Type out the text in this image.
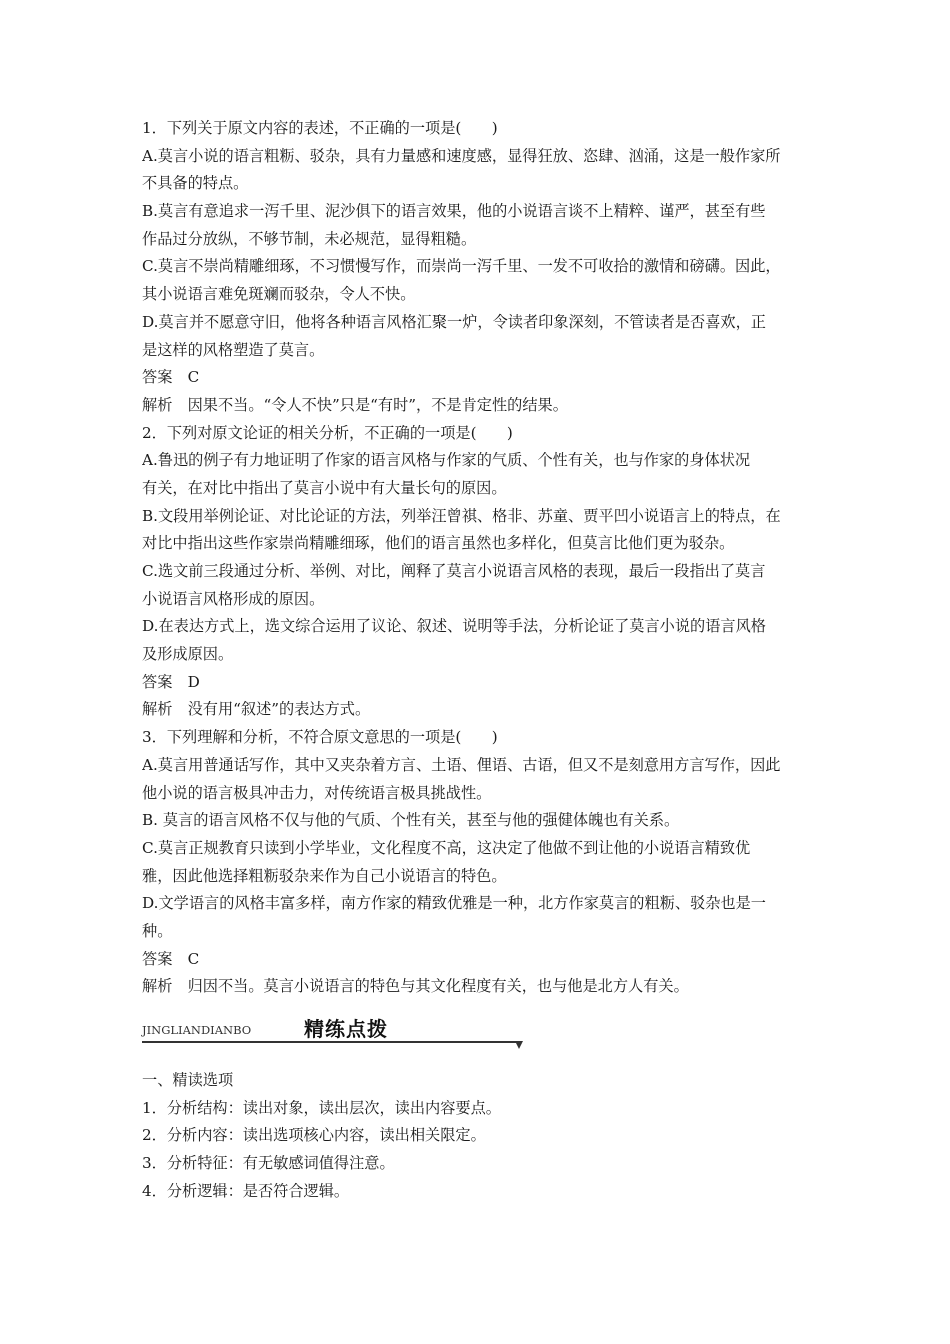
1．下列关于原文内容的表述，不正确的一项是(　　)
A.莫言小说的语言粗粝、驳杂，具有力量感和速度感，显得狂放、恣肆、汹涌，这是一般作家所
不具备的特点。
B.莫言有意追求一泻千里、泥沙俱下的语言效果，他的小说语言谈不上精粹、谨严，甚至有些
作品过分放纵，不够节制，未必规范，显得粗糙。
C.莫言不崇尚精雕细琢，不习惯慢写作，而崇尚一泻千里、一发不可收拾的激情和磅礴。因此，
其小说语言难免斑斓而驳杂，令人不快。
D.莫言并不愿意守旧，他将各种语言风格汇聚一炉，令读者印象深刻，不管读者是否喜欢，正
是这样的风格塑造了莫言。
答案　C
解析　因果不当。“令人不快”只是“有时”，不是肯定性的结果。
2．下列对原文论证的相关分析，不正确的一项是(　　)
A.鲁迅的例子有力地证明了作家的语言风格与作家的气质、个性有关，也与作家的身体状况
有关，在对比中指出了莫言小说中有大量长句的原因。
B.文段用举例论证、对比论证的方法，列举汪曾祺、格非、苏童、贾平凹小说语言上的特点，在
对比中指出这些作家崇尚精雕细琢，他们的语言虽然也多样化，但莫言比他们更为驳杂。
C.选文前三段通过分析、举例、对比，阐释了莫言小说语言风格的表现，最后一段指出了莫言
小说语言风格形成的原因。
D.在表达方式上，选文综合运用了议论、叙述、说明等手法，分析论证了莫言小说的语言风格
及形成原因。
答案　D
解析　没有用“叙述”的表达方式。
3．下列理解和分析，不符合原文意思的一项是(　　)
A.莫言用普通话写作，其中又夹杂着方言、土语、俚语、古语，但又不是刻意用方言写作，因此
他小说的语言极具冲击力，对传统语言极具挑战性。
B. 莫言的语言风格不仅与他的气质、个性有关，甚至与他的强健体魄也有关系。
C.莫言正规教育只读到小学毕业，文化程度不高，这决定了他做不到让他的小说语言精致优
雅，因此他选择粗粝驳杂来作为自己小说语言的特色。
D.文学语言的风格丰富多样，南方作家的精致优雅是一种，北方作家莫言的粗粝、驳杂也是一
种。
答案　C
解析　归因不当。莫言小说语言的特色与其文化程度有关，也与他是北方人有关。
JINGLIANDIANBO	精练点拨
一、精读选项
1．分析结构：读出对象，读出层次，读出内容要点。
2．分析内容：读出选项核心内容，读出相关限定。
3．分析特征：有无敏感词值得注意。
4．分析逻辑：是否符合逻辑。
